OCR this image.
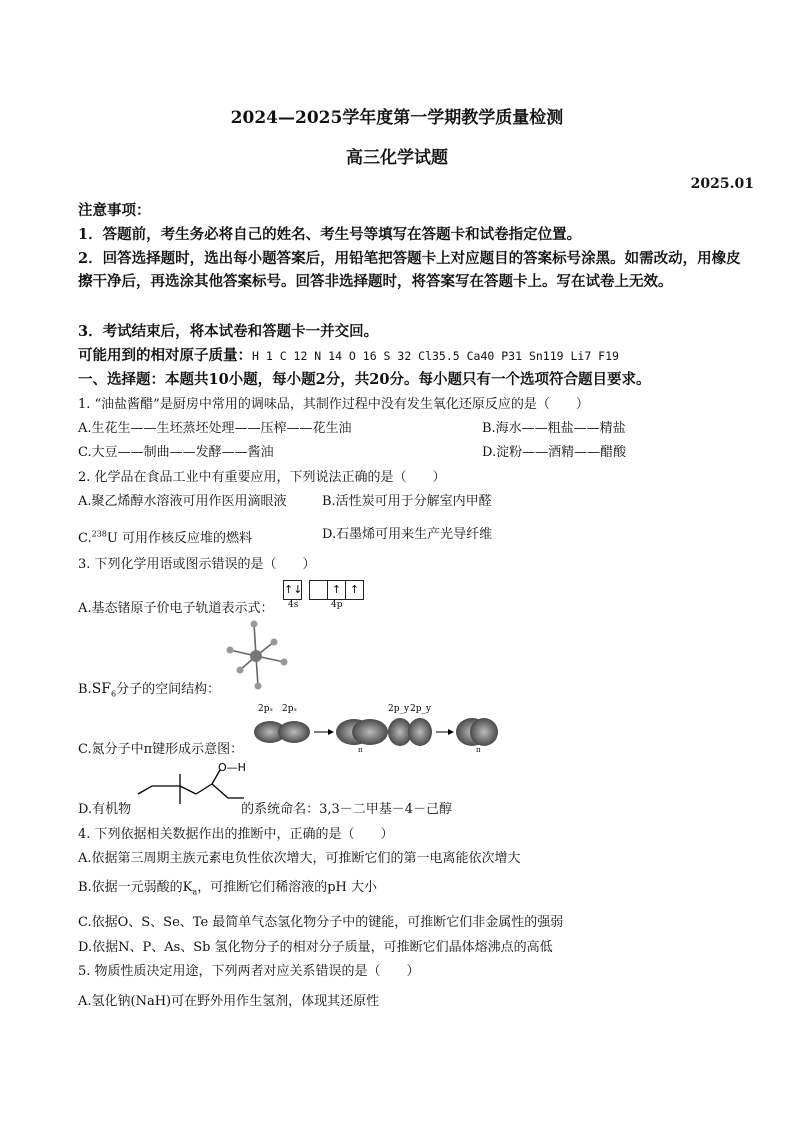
2024—2025学年度第一学期教学质量检测
高三化学试题
2025.01
注意事项：
1．答题前，考生务必将自己的姓名、考生号等填写在答题卡和试卷指定位置。
2．回答选择题时，选出每小题答案后，用铅笔把答题卡上对应题目的答案标号涂黑。如需改动，用橡皮擦干净后，再选涂其他答案标号。回答非选择题时，将答案写在答题卡上。写在试卷上无效。
3．考试结束后，将本试卷和答题卡一并交回。
可能用到的相对原子质量：H 1 C 12 N 14 O 16 S 32 Cl35.5 Ca40 P31 Sn119 Li7 F19
一、选择题：本题共10小题，每小题2分，共20分。每小题只有一个选项符合题目要求。
1. “油盐酱醋”是厨房中常用的调味品，其制作过程中没有发生氧化还原反应的是（　　）
A.生花生——生坯蒸坯处理——压榨——花生油	B.海水——粗盐——精盐
C.大豆——制曲——发酵——酱油	D.淀粉——酒精——醋酸
2. 化学品在食品工业中有重要应用，下列说法正确的是（　　）
A.聚乙烯醇水溶液可用作医用滴眼液	B.活性炭可用于分解室内甲醛
C.$^{238}$U 可用作核反应堆的燃料	D.石墨烯可用来生产光导纤维
3. 下列化学用语或图示错误的是（　　）
A.基态锗原子价电子轨道表示式：
↑↓	↑ ↑
4s	4p
$B.SF_6$分子的空间结构：
C.氮分子中π键形成示意图：
2pₓ 2pₓ	2p_y 2p_y
π	π
O—H
D.有机物	的系统命名：3,3－二甲基－4－己醇
4. 下列依据相关数据作出的推断中，正确的是（　　）
A.依据第三周期主族元素电负性依次增大，可推断它们的第一电离能依次增大
B.依据一元弱酸的$K_a$，可推断它们稀溶液的pH 大小
C.依据O、S、Se、Te 最简单气态氢化物分子中的键能，可推断它们非金属性的强弱
D.依据N、P、As、Sb 氢化物分子的相对分子质量，可推断它们晶体熔沸点的高低
5. 物质性质决定用途，下列两者对应关系错误的是（　　）
A.氢化钠(NaH)可在野外用作生氢剂，体现其还原性
